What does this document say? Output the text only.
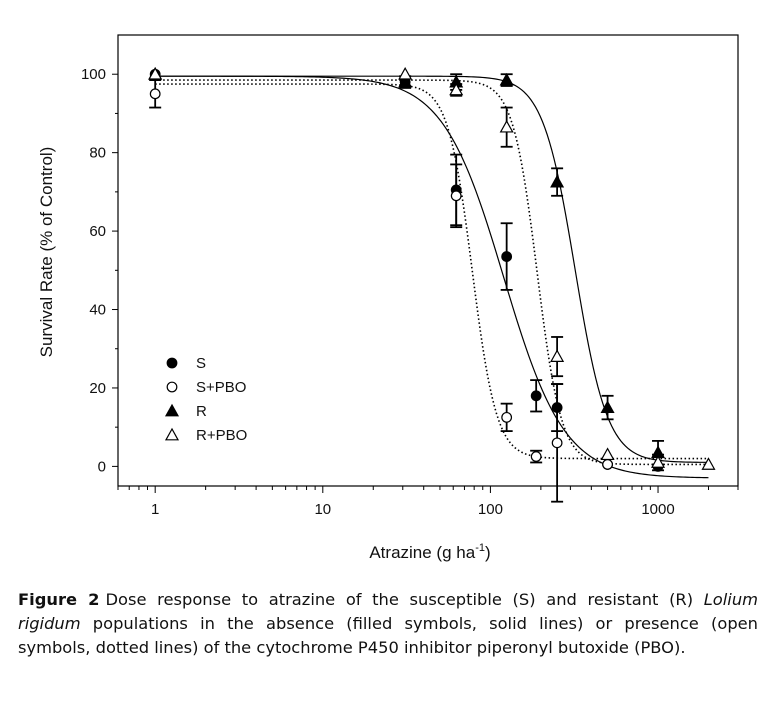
1	10	100	1000
0
20
40
60
80
100
S
S+PBO
R
R+PBO
Survival Rate (% of Control)
Atrazine (g $ha^{-1}$)

Figure 2 Dose response to atrazine of the susceptible (S) and resistant (R) Lolium rigidum populations in the absence (filled symbols, solid lines) or presence (open symbols, dotted lines) of the cytochrome P450 inhibitor piperonyl butoxide (PBO).
